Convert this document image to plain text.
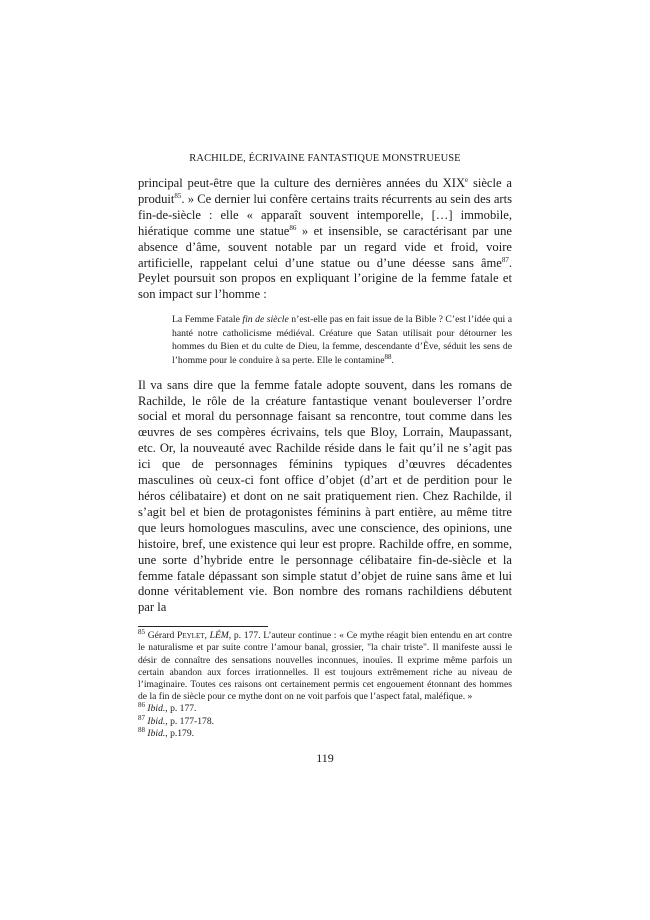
RACHILDE, ÉCRIVAINE FANTASTIQUE MONSTRUEUSE

principal peut-être que la culture des dernières années du XIXe siècle a produit$^{85}$. » Ce dernier lui confère certains traits récurrents au sein des arts fin-de-siècle : elle « apparaît souvent intemporelle, […] immobile, hiératique comme une statue$^{86}$ » et insensible, se caractérisant par une absence d’âme, souvent notable par un regard vide et froid, voire artificielle, rappelant celui d’une statue ou d’une déesse sans âme$^{87}$. Peylet poursuit son propos en expliquant l’origine de la femme fatale et son impact sur l’homme :

La Femme Fatale fin de siècle n’est-elle pas en fait issue de la Bible ? C’est l’idée qui a hanté notre catholicisme médiéval. Créature que Satan utilisait pour détourner les hommes du Bien et du culte de Dieu, la femme, descendante d’Ève, séduit les sens de l’homme pour le conduire à sa perte. Elle le contamine$^{88}$.

Il va sans dire que la femme fatale adopte souvent, dans les romans de Rachilde, le rôle de la créature fantastique venant bouleverser l’ordre social et moral du personnage faisant sa rencontre, tout comme dans les œuvres de ses compères écrivains, tels que Bloy, Lorrain, Maupassant, etc. Or, la nouveauté avec Rachilde réside dans le fait qu’il ne s’agit pas ici que de personnages féminins typiques d’œuvres décadentes masculines où ceux-ci font office d’objet (d’art et de perdition pour le héros célibataire) et dont on ne sait pratiquement rien. Chez Rachilde, il s’agit bel et bien de protagonistes féminins à part entière, au même titre que leurs homologues masculins, avec une conscience, des opinions, une histoire, bref, une existence qui leur est propre. Rachilde offre, en somme, une sorte d’hybride entre le personnage célibataire fin-de-siècle et la femme fatale dépassant son simple statut d’objet de ruine sans âme et lui donne véritablement vie. Bon nombre des romans rachildiens débutent par la

$^{85}$ Gérard Peylet, LÉM, p. 177. L’auteur continue : « Ce mythe réagit bien entendu en art contre le naturalisme et par suite contre l’amour banal, grossier, "la chair triste". Il manifeste aussi le désir de connaître des sensations nouvelles inconnues, inouïes. Il exprime même parfois un certain abandon aux forces irrationnelles. Il est toujours extrêmement riche au niveau de l’imaginaire. Toutes ces raisons ont certainement permis cet engouement étonnant des hommes de la fin de siècle pour ce mythe dont on ne voit parfois que l’aspect fatal, maléfique. »

$^{86}$ Ibid., p. 177.

$^{87}$ Ibid., p. 177-178.

$^{88}$ Ibid., p.179.

119
